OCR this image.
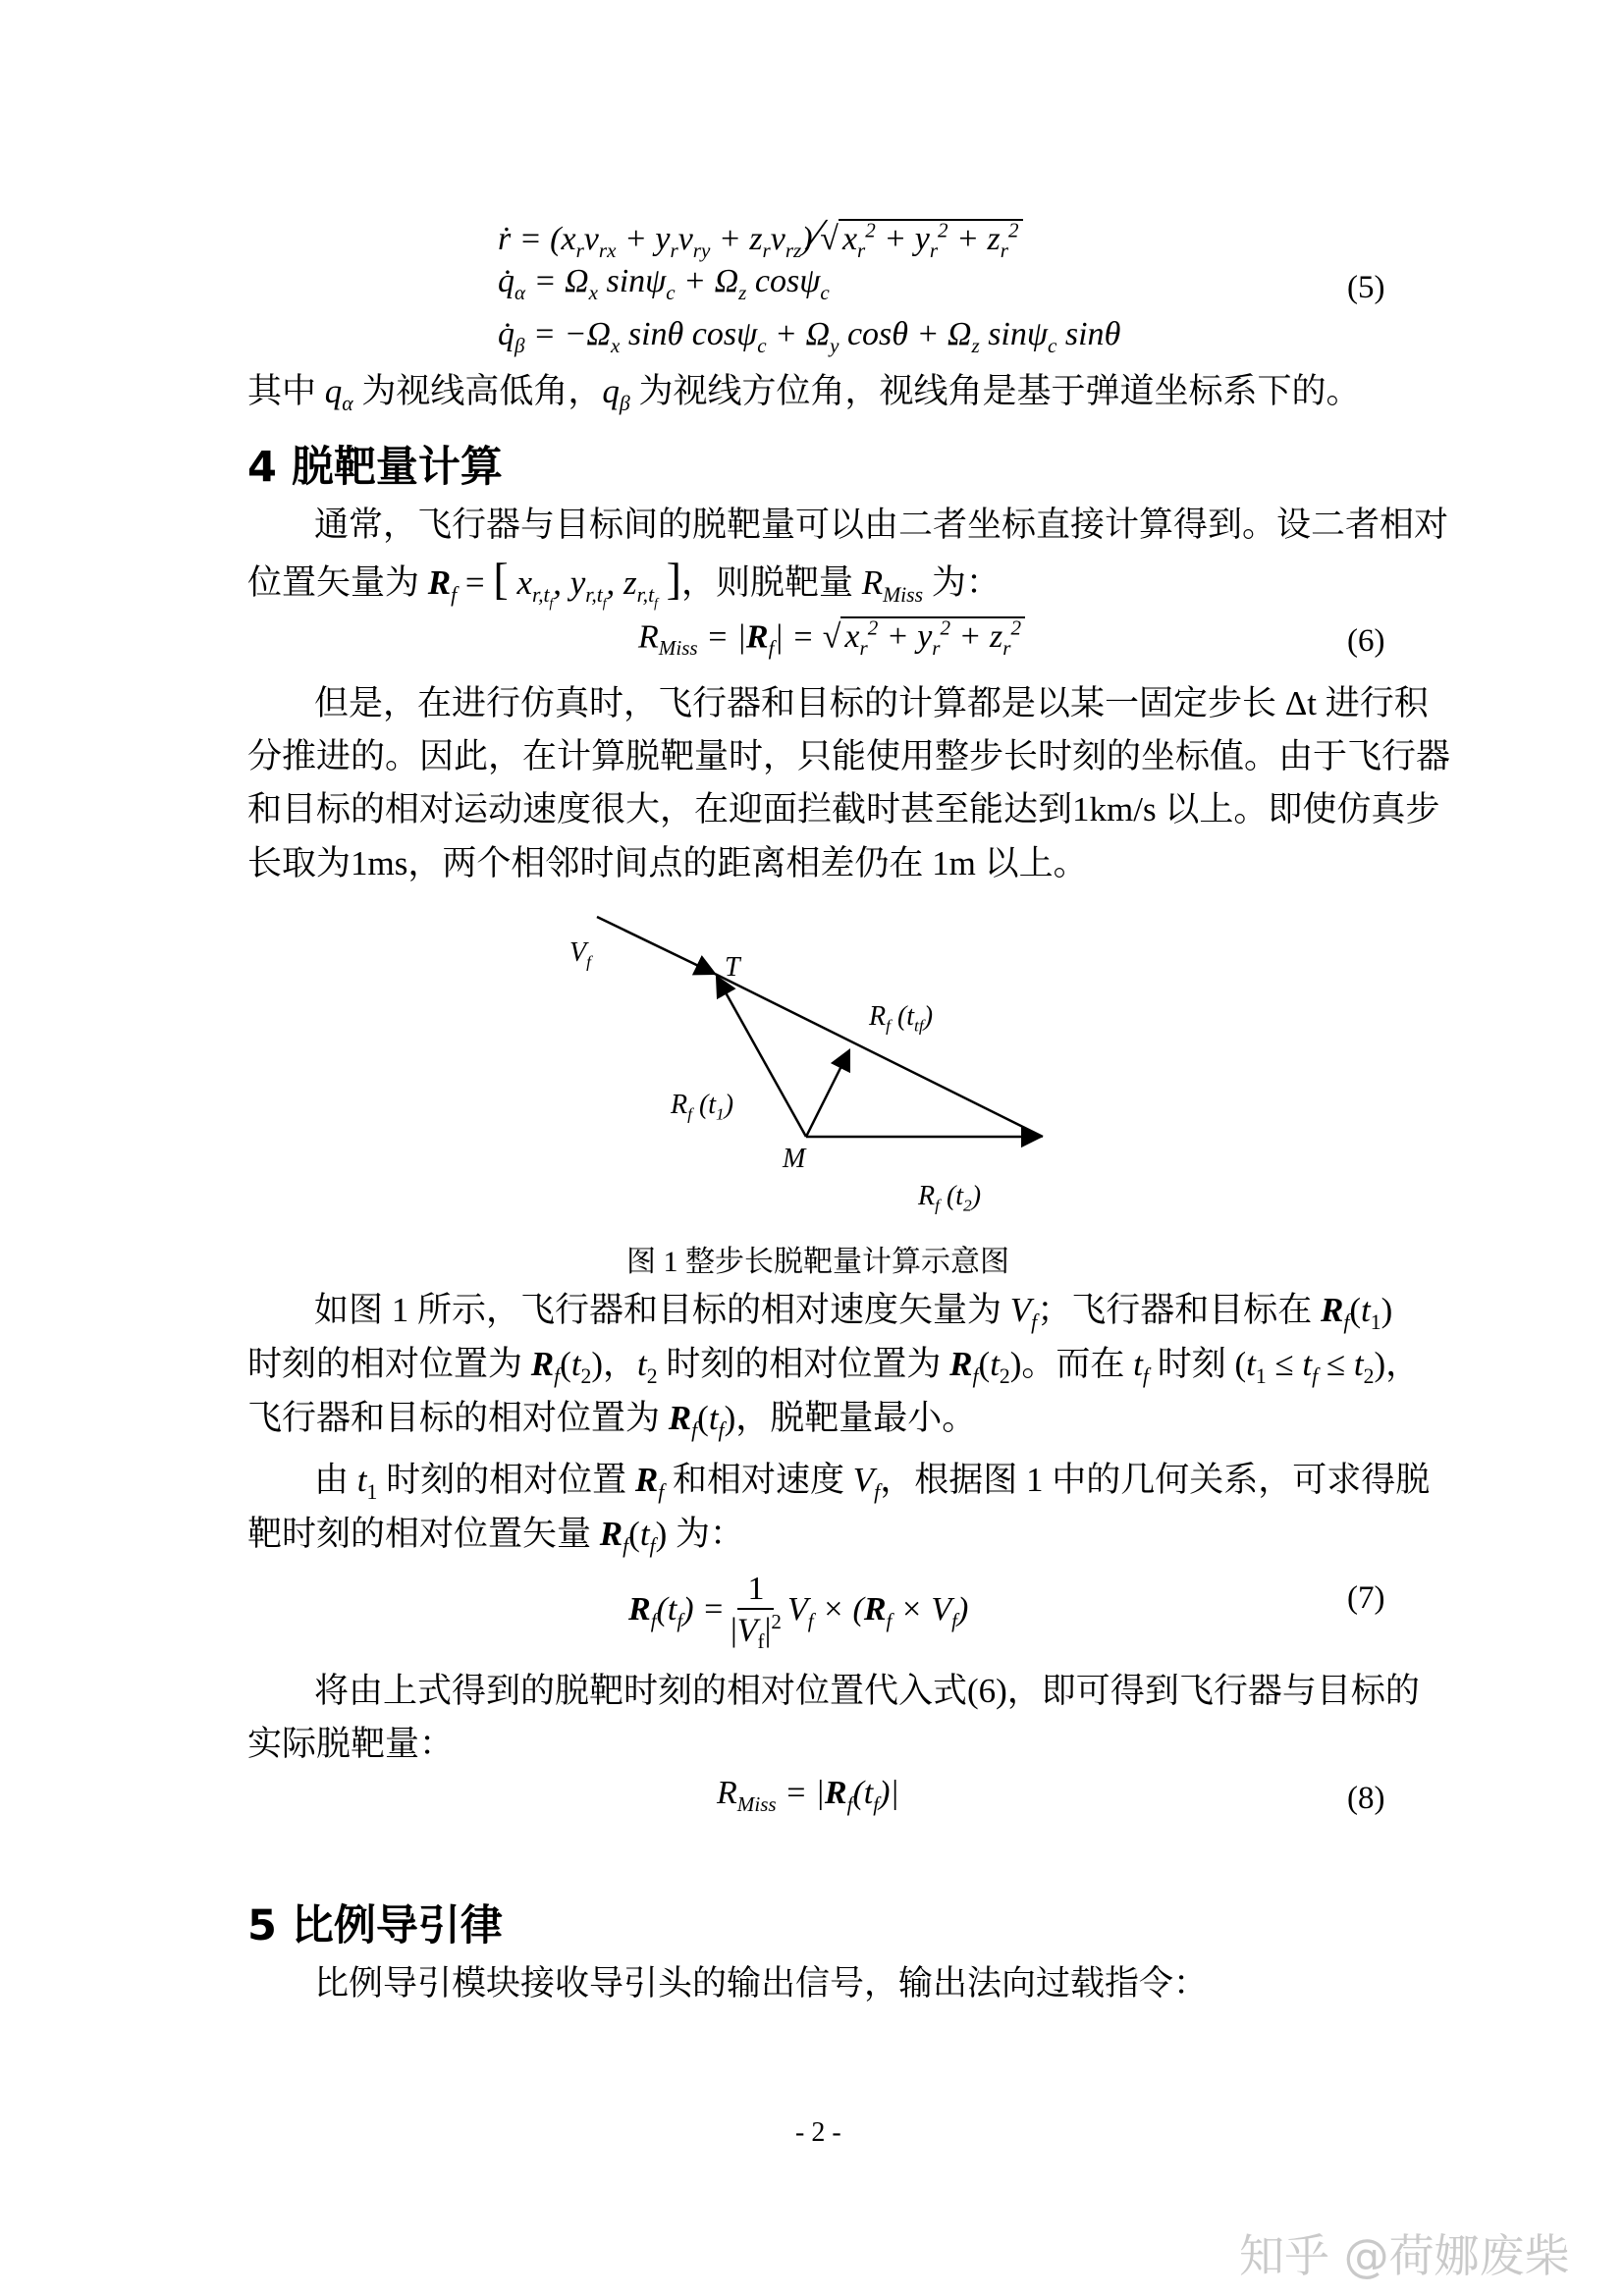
ṙ = ($x_rv_{rx} + y_rv_{ry}$ + $z_rv_{rz})∕√$ $x_r^2 + y_r^2 + z_r^2$
$q̇_\alpha = \Omega_x$ $\sin\psi_c + \Omega_z$ cosψ$_c$
$q̇_\beta = -\Omega_x$ sinθ $\cos\psi_c + \Omega_y$ $\cos\theta + \Omega_z$ sinψ$_c$ sinθ
(5)
其中 $q_\alpha$ 为视线高低角，$q_\beta$ 为视线方位角，视线角是基于弹道坐标系下的。
4 脱靶量计算
通常，飞行器与目标间的脱靶量可以由二者坐标直接计算得到。设二者相对
位置矢量为 $R_f$ = [ $x_{r,t_f}$, $y_{r,t_f}$, $z_{r,t_f}$ ]，则脱靶量 $R_{Miss}$ 为：
$R_{Miss} = |R_f|$ = √ $x_r^2 + y_r^2 + z_r^2$	(6)
但是，在进行仿真时，飞行器和目标的计算都是以某一固定步长 Δt 进行积
分推进的。因此，在计算脱靶量时，只能使用整步长时刻的坐标值。由于飞行器
和目标的相对运动速度很大，在迎面拦截时甚至能达到1km/s 以上。即使仿真步
长取为1ms，两个相邻时间点的距离相差仍在 1m 以上。
$V_f$	T
$R_f$ $(t_{tf})$
$R_f$ $(t_1)$
M
$R_f$ $(t_2)$
图 1 整步长脱靶量计算示意图
如图 1 所示，飞行器和目标的相对速度矢量为 $V_f$；飞行器和目标在 $R_f(t_1)$
时刻的相对位置为 $R_f(t_2)$，$t_2$ 时刻的相对位置为 $R_f(t_2)$。而在 $t_f$ 时刻 $(t_1 \le t_f \le t_2)$，
飞行器和目标的相对位置为 $R_f(t_f)$，脱靶量最小。
由 $t_1$ 时刻的相对位置 $R_f$ 和相对速度 $V_f$，根据图 1 中的几何关系，可求得脱
靶时刻的相对位置矢量 $R_f(t_f)$ 为：
$R_f(t_f) = \frac{1}{|V_f|^2} V_f \times (R_f \times V_f)$	(7)
将由上式得到的脱靶时刻的相对位置代入式(6)，即可得到飞行器与目标的
实际脱靶量：
$R_{Miss} = |R_f(t_f)|$	(8)
5 比例导引律
比例导引模块接收导引头的输出信号，输出法向过载指令：
- 2 -
知乎 @荷娜废柴
